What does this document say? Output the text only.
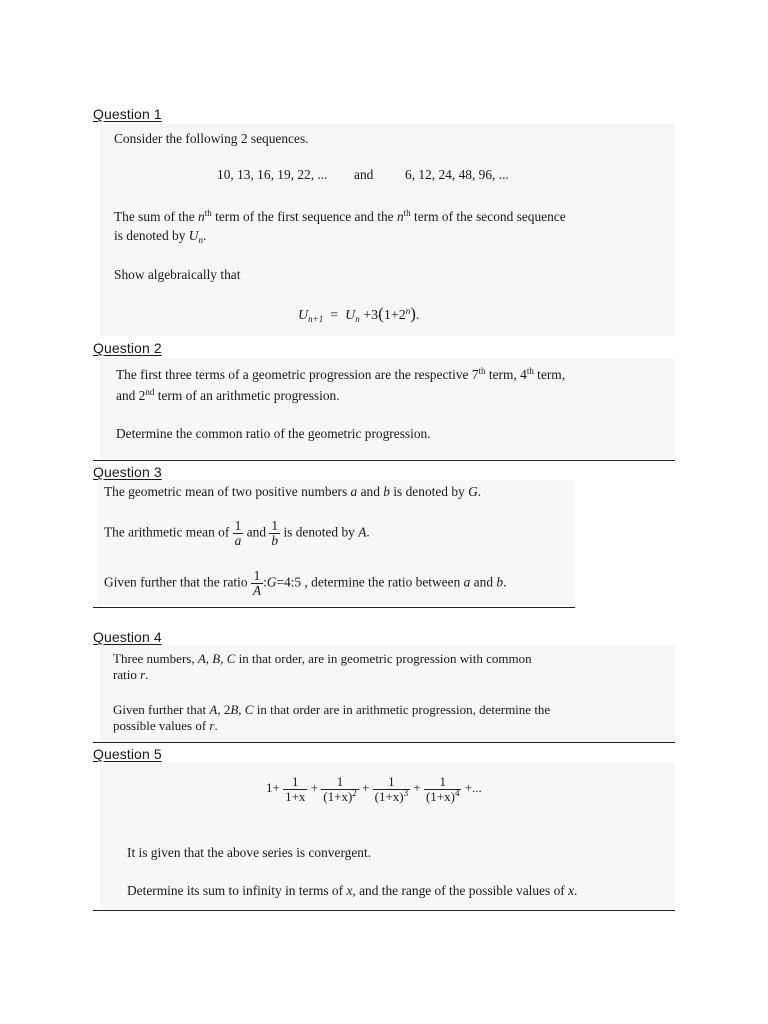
Question 1
Consider the following 2 sequences.
10, 13, 16, 19, 22, ... and 6, 12, 24, 48, 96, ...
The sum of the $n^{th}$ term of the first sequence and the $n^{th}$ term of the second sequence
is denoted by $U_n$.
Show algebraically that
$U_{n+1} = U_n +3(1+2^n)$.
Question 2
The first three terms of a geometric progression are the respective 7th term, 4th term,
and 2nd term of an arithmetic progression.
Determine the common ratio of the geometric progression.
Question 3
The geometric mean of two positive numbers a and b is denoted by G.
The arithmetic mean of $\frac{1}{a}$ and $\frac{1}{b}$ is denoted by A.
Given further that the ratio $\frac{1}{A}$ :G=4:5 , determine the ratio between a and b.
Question 4
Three numbers, A, B, C in that order, are in geometric progression with common
ratio r.
Given further that A, 2B, C in that order are in arithmetic progression, determine the
possible values of r.
Question 5
$1+ \frac{1}{1+x} + \frac{1}{(1+x)^2} + \frac{1}{(1+x)^3} + \frac{1}{(1+x)^4}$ +...
It is given that the above series is convergent.
Determine its sum to infinity in terms of x, and the range of the possible values of x.
